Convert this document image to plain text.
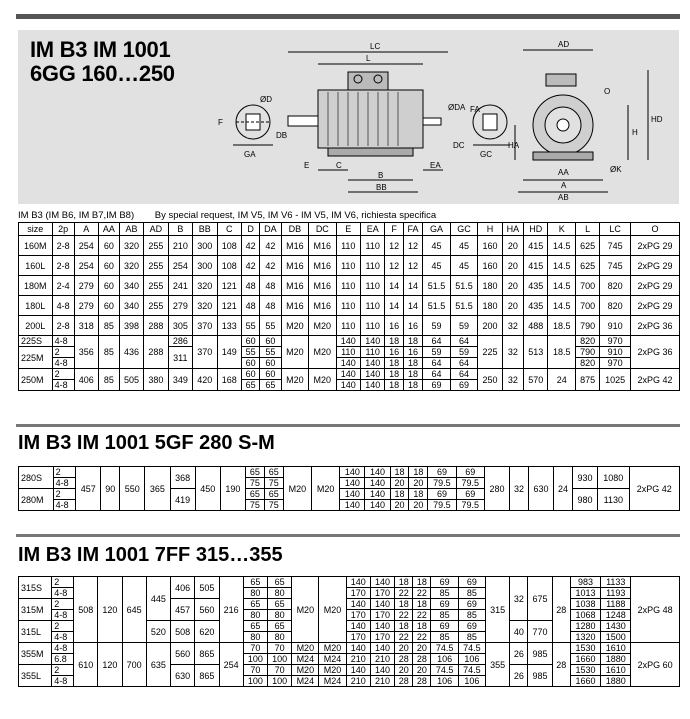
IM B3 IM 1001
6GG 160…250
LC
L
AD
F
ØD
GA
DB
ØDA
DC
FA
GC
E	C
B
BB
EA
HA
H
HD
O
AA	ØK
A
AB
IM B3 (IM B6, IM B7,IM B8) By special request, IM V5, IM V6 - IM V5, IM V6, richiesta specifica
size	2p	A	AA	AB	AD	B	BB	C	D	DA	DB	DC	E	EA	F	FA	GA	GC	H	HA	HD	K	L	LC	O
160M	2-8	254	60	320	255	210	300	108	42	42	M16	M16	110	110	12	12	45	45	160	20	415	14.5	625	745	2xPG 29
160L	2-8	254	60	320	255	254	300	108	42	42	M16	M16	110	110	12	12	45	45	160	20	415	14.5	625	745	2xPG 29
180M	2-4	279	60	340	255	241	320	121	48	48	M16	M16	110	110	14	14	51.5	51.5	180	20	435	14.5	700	820	2xPG 29
180L	4-8	279	60	340	255	279	320	121	48	48	M16	M16	110	110	14	14	51.5	51.5	180	20	435	14.5	700	820	2xPG 29
200L	2-8	318	85	398	288	305	370	133	55	55	M20	M20	110	110	16	16	59	59	200	32	488	18.5	790	910	2xPG 36
225S	4-8	356	85	436	288	286	370	149	60	60	M20	M20	140	140	18	18	64	64	225	32	513	18.5	820	970	2xPG 36
225M	2					311			55	55			110	110	16	16	59	59					790	910	
	4-8								60	60			140	140	18	18	64	64					820	970	
250M	2	406	85	505	380	349	420	168	60	60	M20	M20	140	140	18	18	64	64	250	32	570	24	875	1025	2xPG 42
	4-8								65	65			140	140	18	18	69	69							
IM B3 IM 1001 5GF 280 S-M
280S	2	457	90	550	365	368	450	190	65	65	M20	M20	140	140	18	18	69	69	280	32	630	24	930	1080	2xPG 42
	4-8								75	75			140	140	20	20	79.5	79.5							
280M	2					419			65	65			140	140	18	18	69	69					980	1130	
	4-8								75	75			140	140	20	20	79.5	79.5							
IM B3 IM 1001 7FF 315…355
315S	2	508	120	645	445	406	505	216	65	65	M20	M20	140	140	18	18	69	69	315	32	675	28	983	1133	2xPG 48
	4-8								80	80			170	170	22	22	85	85					1013	1193	
315M	2					457	560		65	65			140	140	18	18	69	69					1038	1188	
	4-8								80	80			170	170	22	22	85	85					1068	1248	
315L	2				520	508	620		65	65			140	140	18	18	69	69		40	770		1280	1430	
	4-8								80	80			170	170	22	22	85	85					1320	1500	
355M	4-8	610	120	700	635	560	865	254	70	70	M20	M20	140	140	20	20	74.5	74.5	355	26	985	28	1530	1610	2xPG 60
	6.8								100	100	M24	M24	210	210	28	28	106	106					1660	1880	
355L	2					630	865		70	70	M20	M20	140	140	20	20	74.5	74.5		26	985		1530	1610	
	4-8								100	100	M24	M24	210	210	28	28	106	106					1660	1880	
